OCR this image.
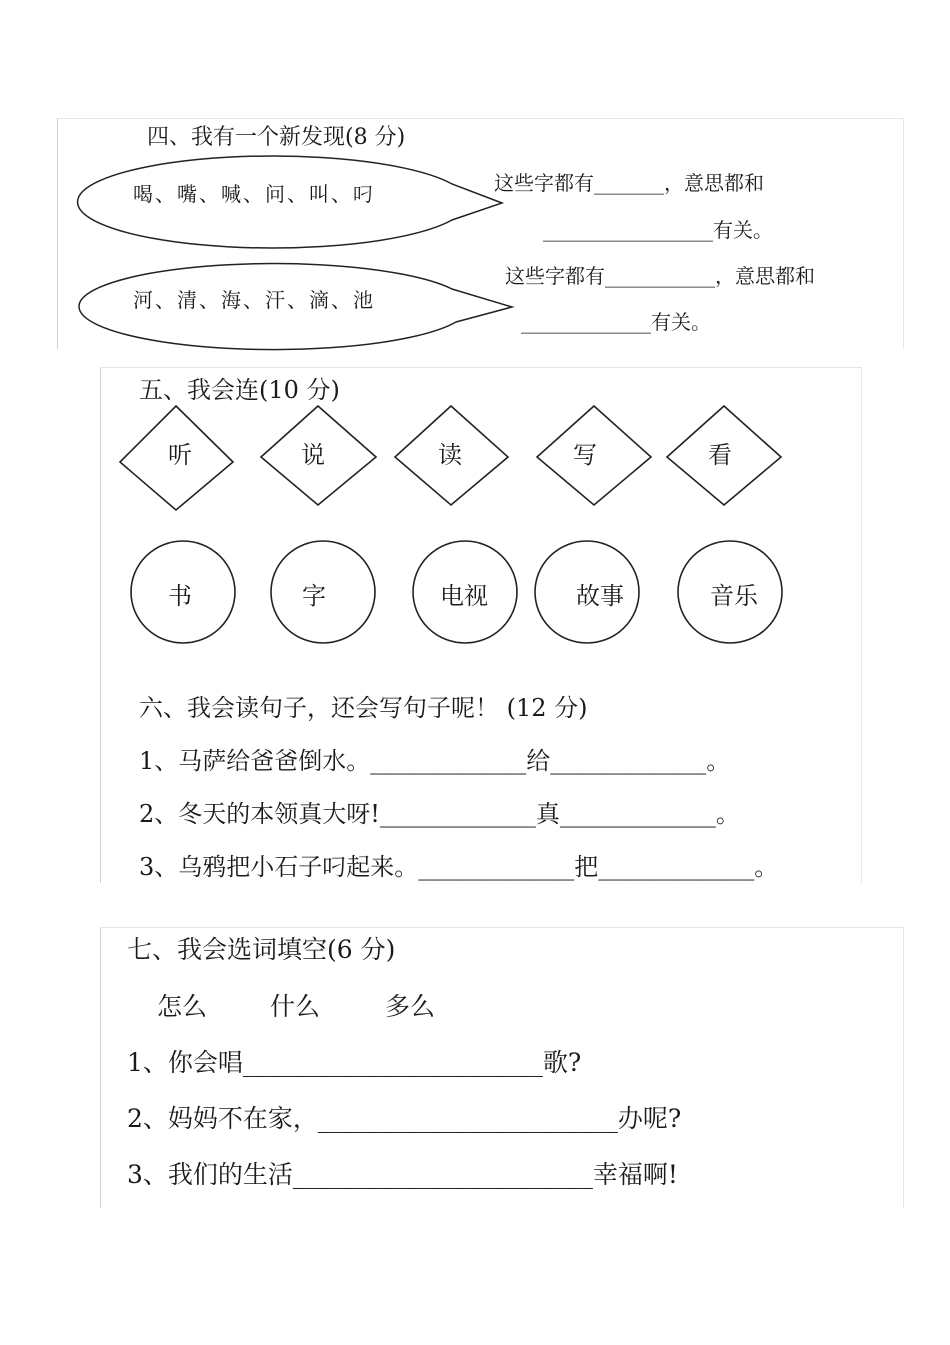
四、我有一个新发现(8 分)
喝、嘴、喊、问、叫、叼
河、清、海、汗、滴、池
这些字都有_______，意思都和
_________________有关。
这些字都有___________，意思都和
_____________有关。
五、我会连(10 分)
听	说	读	写	看
书	字	电视	故事	音乐
六、我会读句子，还会写句子呢！ (12 分)
1、马萨给爸爸倒水。_____________给_____________。
2、冬天的本领真大呀!_____________真_____________。
3、乌鸦把小石子叼起来。_____________把_____________。
七、我会选词填空(6 分)
怎么	什么	多么
1、你会唱________________________歌?
2、妈妈不在家，________________________办呢?
3、我们的生活________________________幸福啊!
